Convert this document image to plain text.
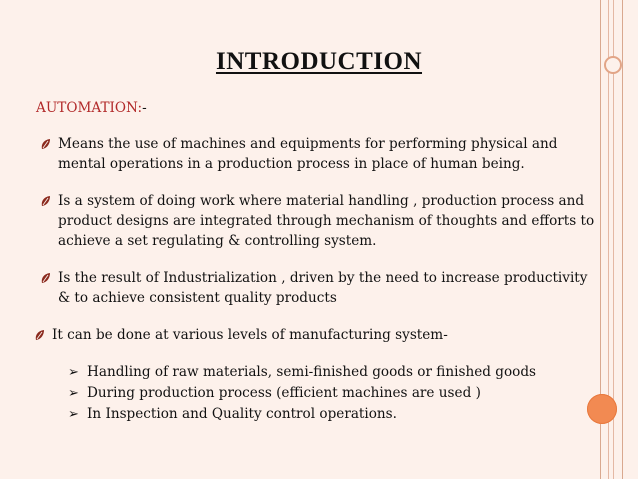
INTRODUCTION
AUTOMATION:-
Means the use of machines and equipments for performing physical and mental operations in a production process in place of human being.
Is a system of doing work where material handling , production process and product designs are integrated through mechanism of thoughts and efforts to achieve a set regulating & controlling system.
Is the result of Industrialization , driven by the need to increase productivity & to achieve consistent quality products
It can be done at various levels of manufacturing system-
➢ Handling of raw materials, semi-finished goods or finished goods
➢ During production process (efficient machines are used )
➢ In Inspection and Quality control operations.
